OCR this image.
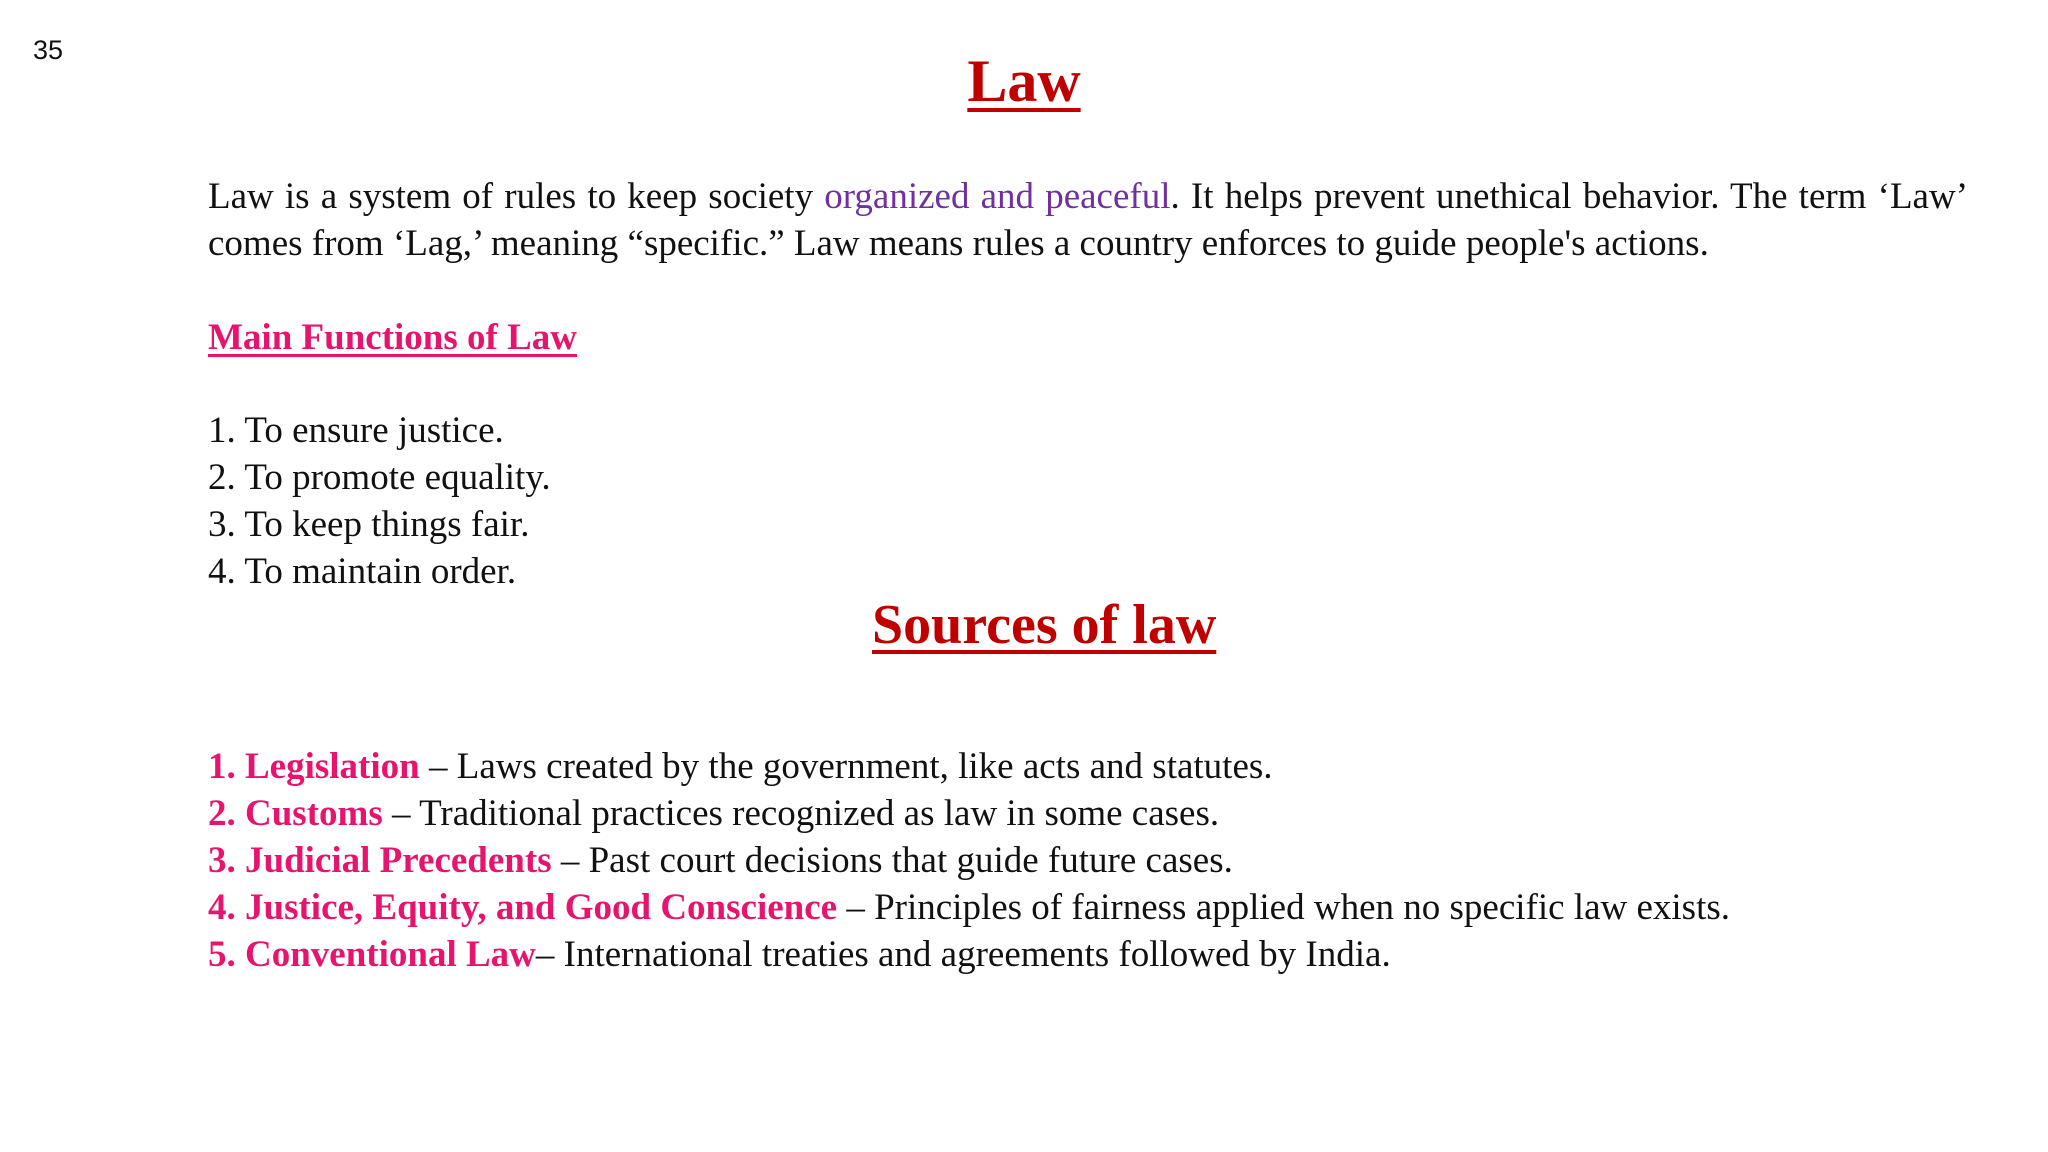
35	Law

Law is a system of rules to keep society organized and peaceful. It helps prevent unethical behavior. The term ‘Law’ comes from ‘Lag,’ meaning “specific.” Law means rules a country enforces to guide people's actions.

Main Functions of Law
1. To ensure justice.
2. To promote equality.
3. To keep things fair.
4. To maintain order.
Sources of law
1. Legislation – Laws created by the government, like acts and statutes.
2. Customs – Traditional practices recognized as law in some cases.
3. Judicial Precedents – Past court decisions that guide future cases.
4. Justice, Equity, and Good Conscience – Principles of fairness applied when no specific law exists.
5. Conventional Law– International treaties and agreements followed by India.
